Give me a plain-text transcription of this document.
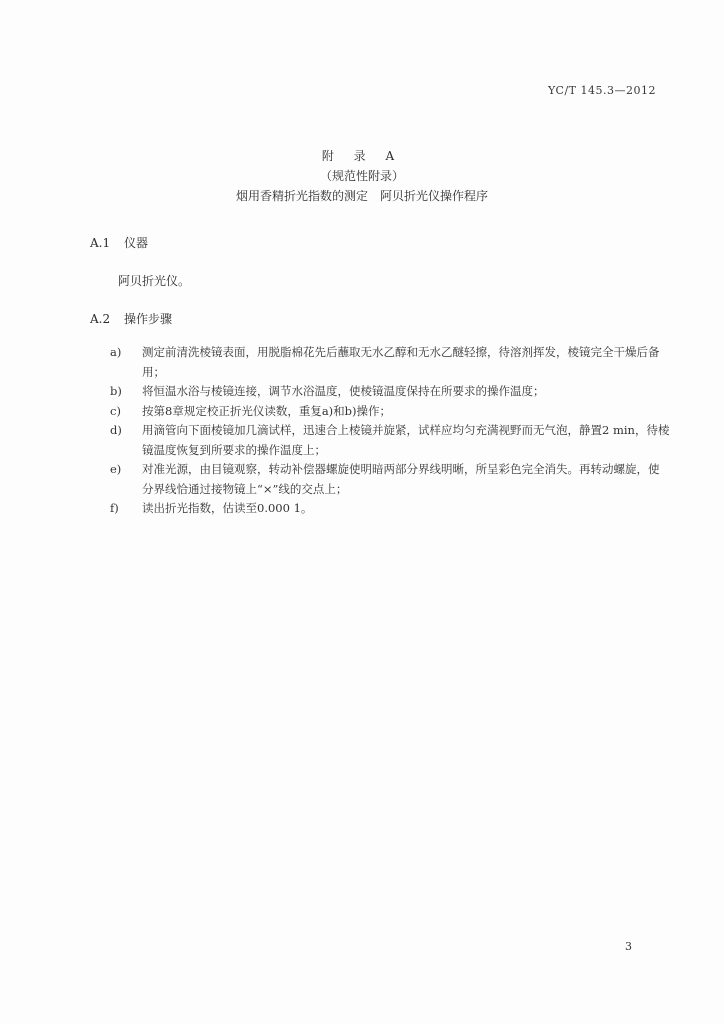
YC/T 145.3—2012
附 录 A
（规范性附录）
烟用香精折光指数的测定　阿贝折光仪操作程序
A.1 仪器
阿贝折光仪。
A.2 操作步骤
a)	测定前清洗棱镜表面，用脱脂棉花先后蘸取无水乙醇和无水乙醚轻擦，待溶剂挥发，棱镜完全干燥后备用；
b)	将恒温水浴与棱镜连接，调节水浴温度，使棱镜温度保持在所要求的操作温度；
c)	按第8章规定校正折光仪读数，重复a)和b)操作；
d)	用滴管向下面棱镜加几滴试样，迅速合上棱镜并旋紧，试样应均匀充满视野而无气泡，静置2 min，待棱镜温度恢复到所要求的操作温度上；
e)	对准光源，由目镜观察，转动补偿器螺旋使明暗两部分界线明晰，所呈彩色完全消失。再转动螺旋，使分界线恰通过接物镜上“×”线的交点上；
f)	读出折光指数，估读至0.000 1。
3
